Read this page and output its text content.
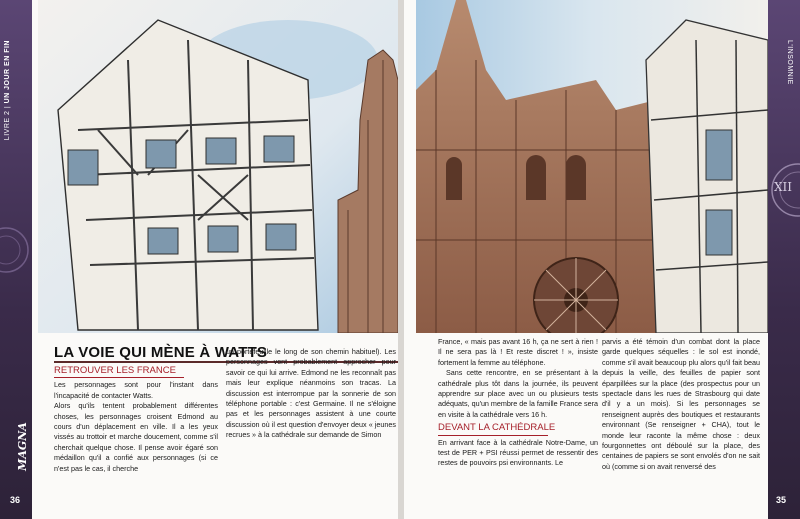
LIVRE 2 | UN JOUR EN FIN
MAGNA
36
LA VOIE QUI MÈNE À WATTS
RETROUVER LES FRANCE

Les personnages sont pour l'instant dans l'incapacité de contacter Watts.
Alors qu'ils tentent probablement différentes choses, les personnages croisent Edmond au cours d'un déplacement en ville. Il a les yeux vissés au trottoir et marche doucement, comme s'il cherchait quelque chose. Il pense avoir égaré son médaillon qu'il a confié aux personnages (si ce n'est pas le cas, il cherche

un portefeuille le long de son chemin habituel). Les personnages vont probablement approcher pour savoir ce qui lui arrive. Edmond ne les reconnaît pas mais leur explique néanmoins son tracas. La discussion est interrompue par la sonnerie de son téléphone portable : c'est Germaine. Il ne s'éloigne pas et les personnages assistent à une courte discussion où il est question d'envoyer deux « jeunes recrues » à la cathédrale sur demande de Simon

France, « mais pas avant 16 h, ça ne sert à rien ! Il ne sera pas là ! Et reste discret ! », insiste fortement la femme au téléphone.

Sans cette rencontre, en se présentant à la cathédrale plus tôt dans la journée, ils peuvent apprendre sur place avec un ou plusieurs tests adéquats, qu'un membre de la famille France sera en visite à la cathédrale vers 16 h.

DEVANT LA CATHÉDRALE

En arrivant face à la cathédrale Notre-Dame, un test de PER + PSI réussi permet de ressentir des restes de pouvoirs psi environnants. Le

parvis a été témoin d'un combat dont la place garde quelques séquelles : le sol est inondé, comme s'il avait beaucoup plu alors qu'il fait beau depuis la veille, des feuilles de papier sont éparpillées sur la place (des prospectus pour un spectacle dans les rues de Strasbourg qui date d'il y a un mois). Si les personnages se renseignent auprès des boutiques et restaurants environnant (Se renseigner + CHA), tout le monde leur raconte la même chose : deux fourgonnettes ont déboulé sur la place, des centaines de papiers se sont envolés d'on ne sait où (comme si on avait renversé des

L'INSOMNIE
XII
35
